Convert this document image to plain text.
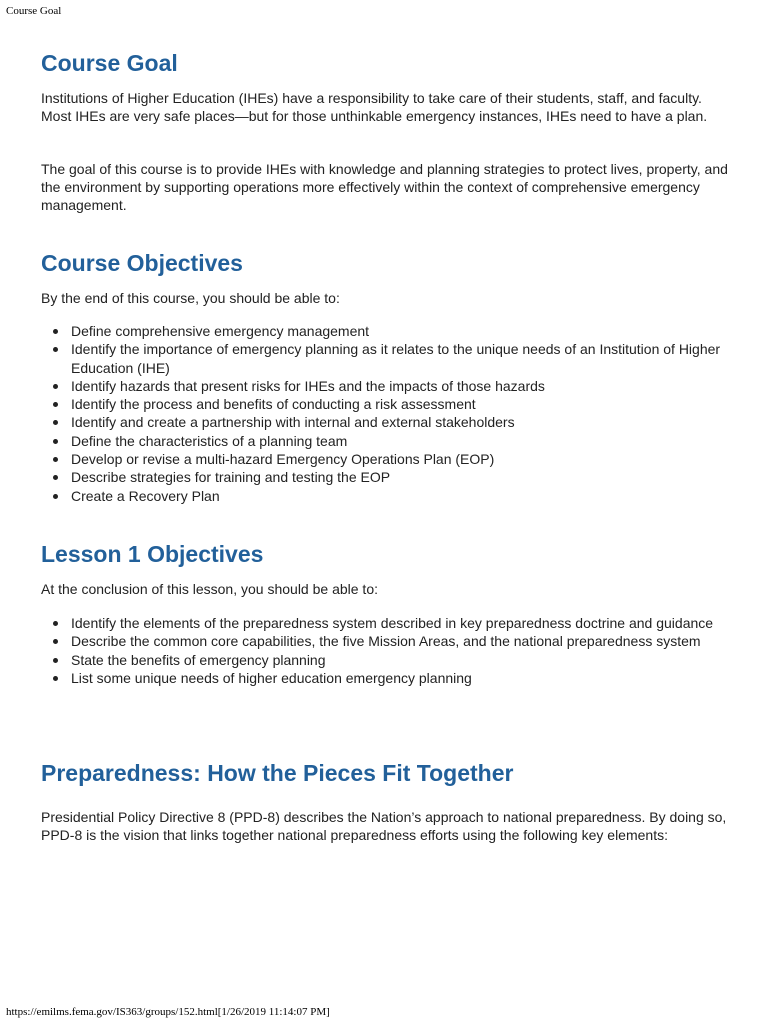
Course Goal
Course Goal

Institutions of Higher Education (IHEs) have a responsibility to take care of their students, staff, and faculty. Most IHEs are very safe places—but for those unthinkable emergency instances, IHEs need to have a plan.

The goal of this course is to provide IHEs with knowledge and planning strategies to protect lives, property, and the environment by supporting operations more effectively within the context of comprehensive emergency management.

Course Objectives

By the end of this course, you should be able to:

Define comprehensive emergency management
Identify the importance of emergency planning as it relates to the unique needs of an Institution of Higher Education (IHE)
Identify hazards that present risks for IHEs and the impacts of those hazards
Identify the process and benefits of conducting a risk assessment
Identify and create a partnership with internal and external stakeholders
Define the characteristics of a planning team
Develop or revise a multi-hazard Emergency Operations Plan (EOP)
Describe strategies for training and testing the EOP
Create a Recovery Plan
Lesson 1 Objectives

At the conclusion of this lesson, you should be able to:

Identify the elements of the preparedness system described in key preparedness doctrine and guidance
Describe the common core capabilities, the five Mission Areas, and the national preparedness system
State the benefits of emergency planning
List some unique needs of higher education emergency planning
Preparedness: How the Pieces Fit Together

Presidential Policy Directive 8 (PPD-8) describes the Nation’s approach to national preparedness. By doing so, PPD-8 is the vision that links together national preparedness efforts using the following key elements:

https://emilms.fema.gov/IS363/groups/152.html[1/26/2019 11:14:07 PM]
